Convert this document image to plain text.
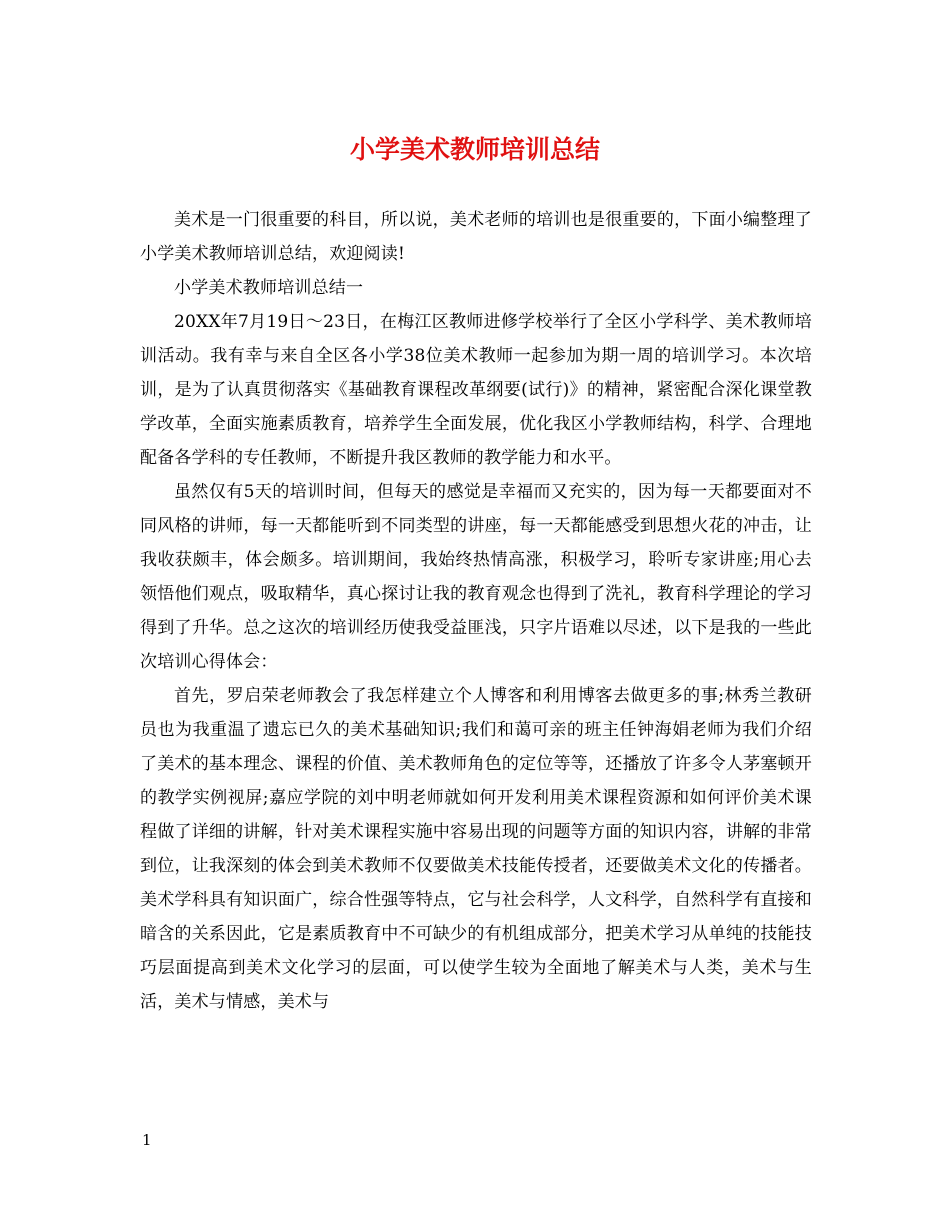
小学美术教师培训总结

美术是一门很重要的科目，所以说，美术老师的培训也是很重要的，下面小编整理了小学美术教师培训总结，欢迎阅读!

小学美术教师培训总结一

20XX年7月19日～23日，在梅江区教师进修学校举行了全区小学科学、美术教师培训活动。我有幸与来自全区各小学38位美术教师一起参加为期一周的培训学习。本次培训，是为了认真贯彻落实《基础教育课程改革纲要(试行)》的精神，紧密配合深化课堂教学改革，全面实施素质教育，培养学生全面发展，优化我区小学教师结构，科学、合理地配备各学科的专任教师，不断提升我区教师的教学能力和水平。

虽然仅有5天的培训时间，但每天的感觉是幸福而又充实的，因为每一天都要面对不同风格的讲师，每一天都能听到不同类型的讲座，每一天都能感受到思想火花的冲击，让我收获颇丰，体会颇多。培训期间，我始终热情高涨，积极学习，聆听专家讲座;用心去领悟他们观点，吸取精华，真心探讨让我的教育观念也得到了洗礼，教育科学理论的学习得到了升华。总之这次的培训经历使我受益匪浅，只字片语难以尽述，以下是我的一些此次培训心得体会：

首先，罗启荣老师教会了我怎样建立个人博客和利用博客去做更多的事;林秀兰教研员也为我重温了遗忘已久的美术基础知识;我们和蔼可亲的班主任钟海娟老师为我们介绍了美术的基本理念、课程的价值、美术教师角色的定位等等，还播放了许多令人茅塞顿开的教学实例视屏;嘉应学院的刘中明老师就如何开发利用美术课程资源和如何评价美术课程做了详细的讲解，针对美术课程实施中容易出现的问题等方面的知识内容，讲解的非常到位，让我深刻的体会到美术教师不仅要做美术技能传授者，还要做美术文化的传播者。美术学科具有知识面广，综合性强等特点，它与社会科学，人文科学，自然科学有直接和暗含的关系因此，它是素质教育中不可缺少的有机组成部分，把美术学习从单纯的技能技巧层面提高到美术文化学习的层面，可以使学生较为全面地了解美术与人类，美术与生活，美术与情感，美术与

1
